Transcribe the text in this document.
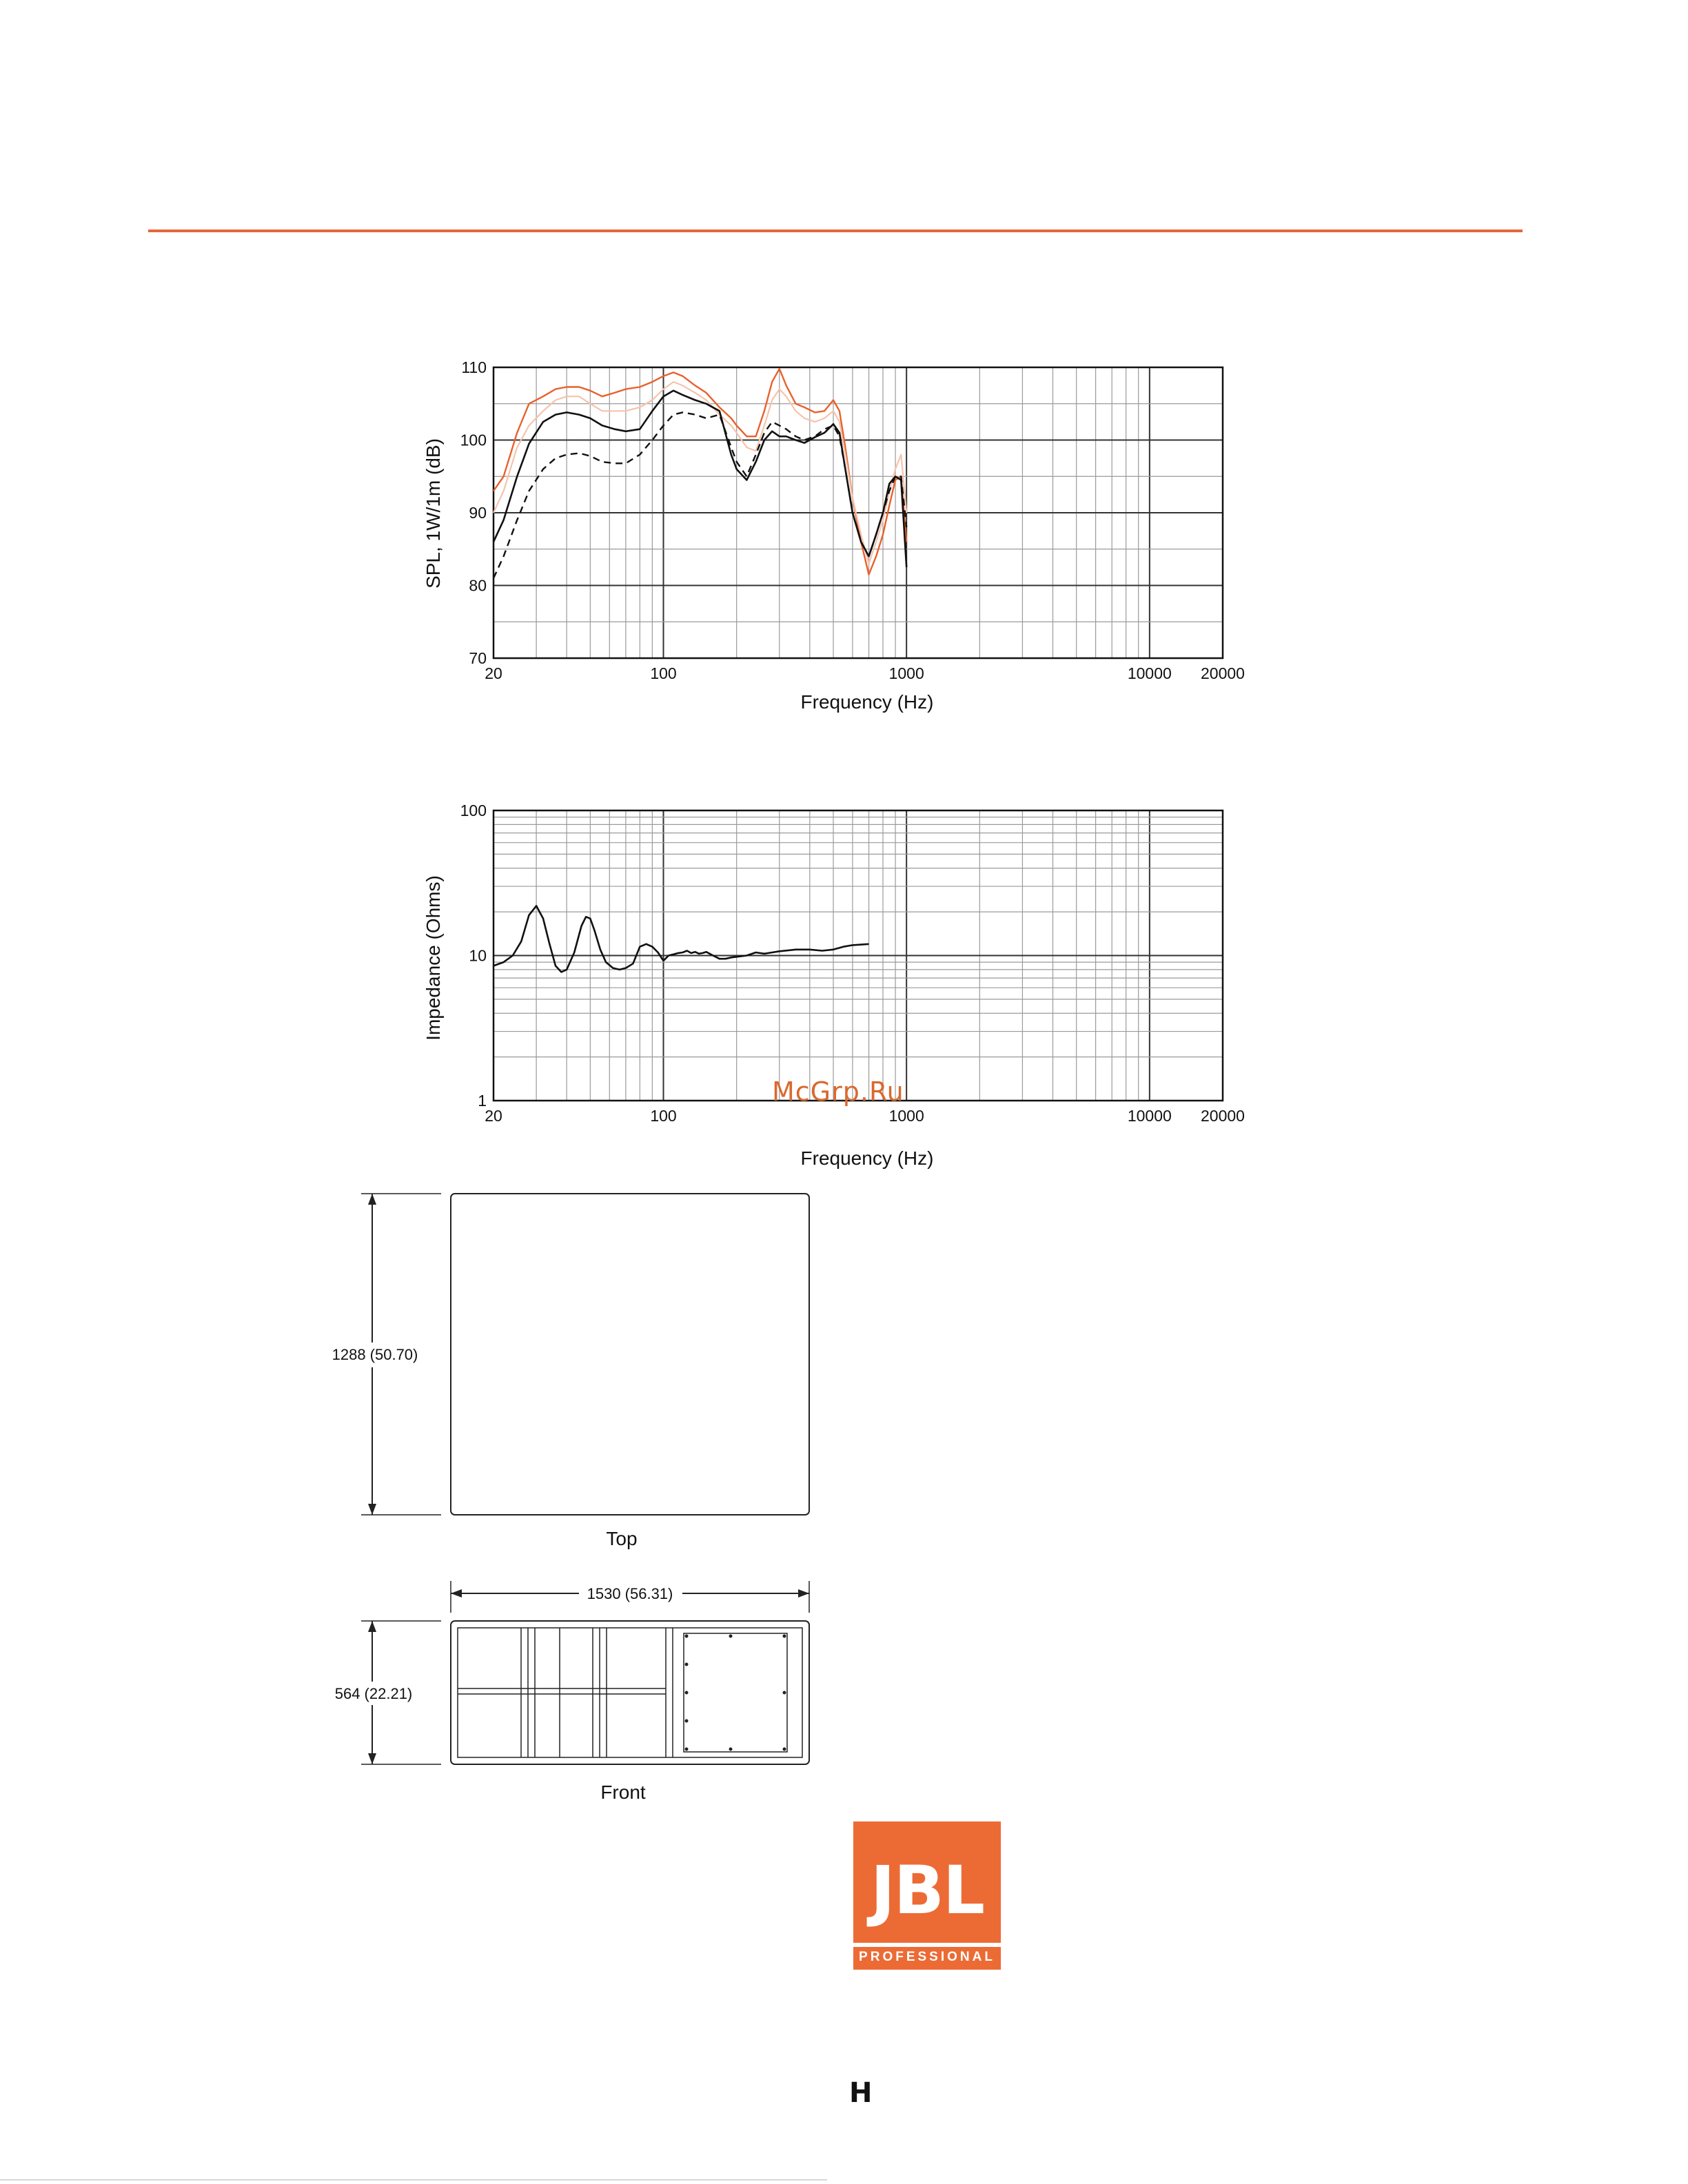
20	100	1000	10000 20000
70
80
90
100
110
Frequency (Hz)
SPL, 1W/1m (dB)
20	100	1000	10000 20000
1
10
100
Frequency (Hz)
Impedance (Ohms)
McGrp.Ru
1288 (50.70)
Top
1530 (56.31)
564 (22.21)
Front
JBL
PROFESSIONAL
H
